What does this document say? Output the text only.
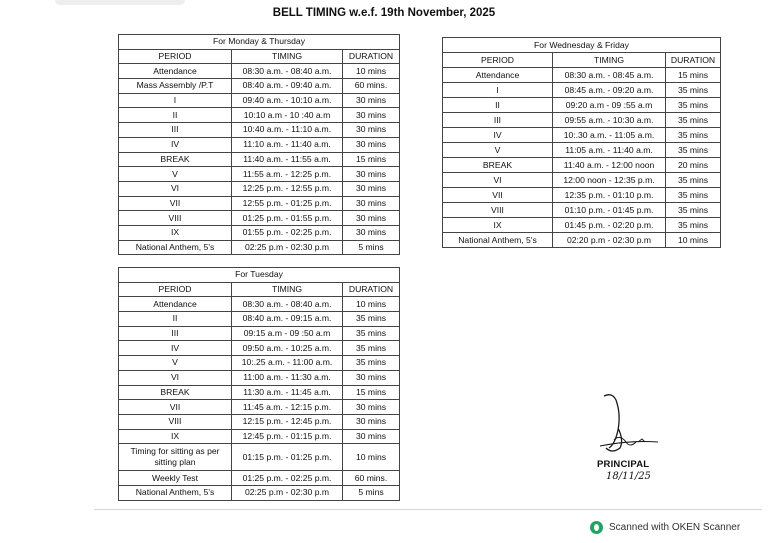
BELL TIMING w.e.f. 19th November, 2025
For Monday & Thursday		
PERIOD	TIMING	DURATION
Attendance	08:30 a.m. - 08:40 a.m.	10 mins
Mass Assembly /P.T	08:40 a.m. - 09:40 a.m.	60 mins.
I	09:40 a.m. - 10:10 a.m.	30 mins
II	10:10 a.m - 10 :40 a.m	30 mins
III	10:40 a.m. - 11:10 a.m.	30 mins
IV	11:10 a.m. - 11:40 a.m.	30 mins
BREAK	11:40 a.m. - 11:55 a.m.	15 mins
V	11:55 a.m. - 12:25 p.m.	30 mins
VI	12:25 p.m. - 12:55 p.m.	30 mins
VII	12:55 p.m. - 01:25 p.m.	30 mins
VIII	01:25 p.m. - 01:55 p.m.	30 mins
IX	01:55 p.m. - 02:25 p.m.	30 mins
National Anthem, 5's	02:25 p.m - 02:30 p.m	5 mins
For Wednesday & Friday		
PERIOD	TIMING	DURATION
Attendance	08:30 a.m. - 08:45 a.m.	15 mins
I	08:45 a.m. - 09:20 a.m.	35 mins
II	09:20 a.m - 09 :55 a.m	35 mins
III	09:55 a.m. - 10:30 a.m.	35 mins
IV	10:.30 a.m. - 11:05 a.m.	35 mins
V	11:05 a.m. - 11:40 a.m.	35 mins
BREAK	11:40 a.m. - 12:00 noon	20 mins
VI	12:00 noon - 12:35 p.m.	35 mins
VII	12:35 p.m. - 01:10 p.m.	35 mins
VIII	01:10 p.m. - 01:45 p.m.	35 mins
IX	01:45 p.m. - 02:20 p.m.	35 mins
National Anthem, 5's	02:20 p.m - 02:30 p.m	10 mins
For Tuesday		
PERIOD	TIMING	DURATION
Attendance	08:30 a.m. - 08:40 a.m.	10 mins
II	08:40 a.m. - 09:15 a.m.	35 mins
III	09:15 a.m - 09 :50 a.m	35 mins
IV	09:50 a.m. - 10:25 a.m.	35 mins
V	10:.25 a.m. - 11:00 a.m.	35 mins
VI	11:00 a.m. - 11:30 a.m.	30 mins
BREAK	11:30 a.m. - 11:45 a.m.	15 mins
VII	11:45 a.m. - 12:15 p.m.	30 mins
VIII	12:15 p.m. - 12:45 p.m.	30 mins
IX	12:45 p.m. - 01:15 p.m.	30 mins
Timing for sitting as per sitting plan	01:15 p.m. - 01:25 p.m.	10 mins
Weekly Test	01:25 p.m. - 02:25 p.m.	60 mins.
National Anthem, 5's	02:25 p.m - 02:30 p.m	5 mins
PRINCIPAL
18/11/25
Scanned with OKEN Scanner
